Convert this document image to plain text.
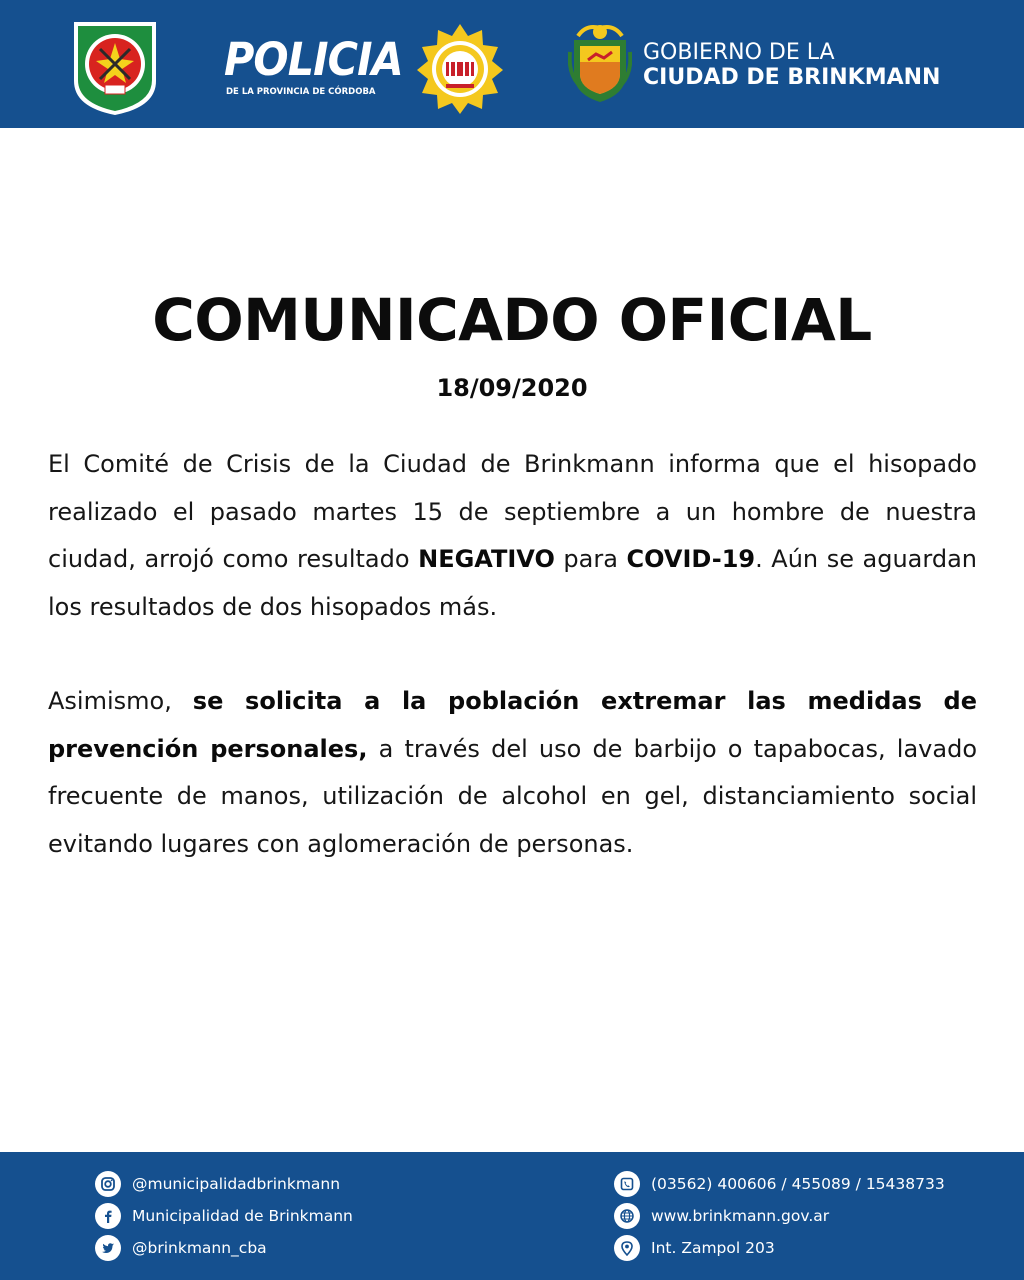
POLICIA
DE LA PROVINCIA DE CÓRDOBA
GOBIERNO DE LA
CIUDAD DE BRINKMANN
COMUNICADO OFICIAL
18/09/2020

El Comité de Crisis de la Ciudad de Brinkmann informa que el hisopado realizado el pasado martes 15 de septiembre a un hombre de nuestra ciudad, arrojó como resultado NEGATIVO para COVID-19. Aún se aguardan los resultados de dos hisopados más.

Asimismo, se solicita a la población extremar las medidas de prevención personales, a través del uso de barbijo o tapabocas, lavado frecuente de manos, utilización de alcohol en gel, distanciamiento social evitando lugares con aglomeración de personas.

@municipalidadbrinkmann
Municipalidad de Brinkmann
@brinkmann_cba
(03562) 400606 / 455089 / 15438733
www.brinkmann.gov.ar
Int. Zampol 203
